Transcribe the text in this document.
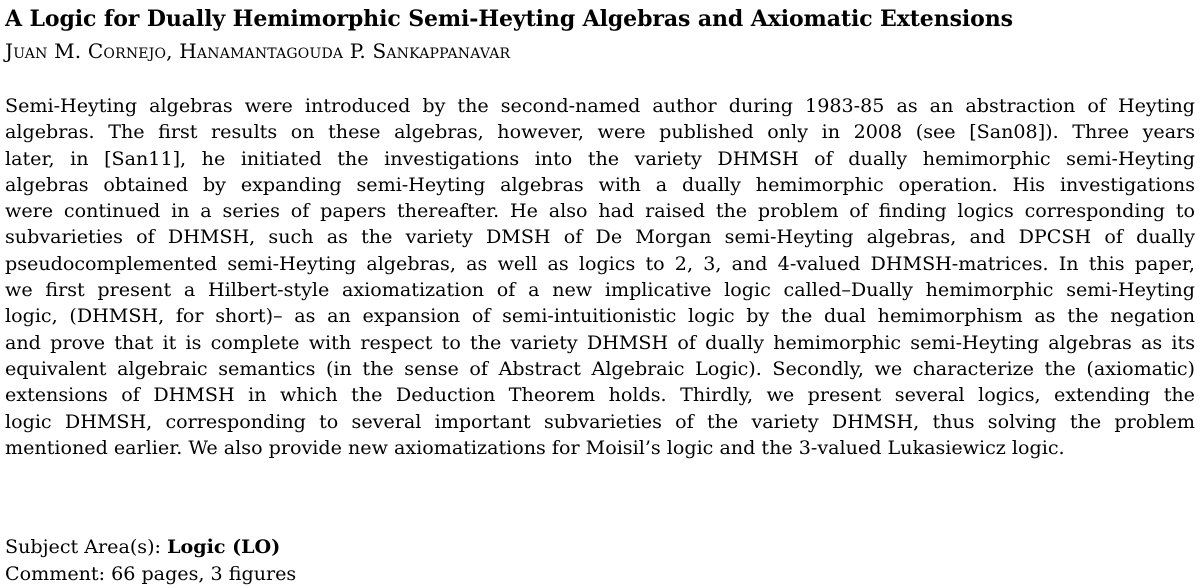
A Logic for Dually Hemimorphic Semi-Heyting Algebras and Axiomatic Extensions
Juan M. Cornejo, Hanamantagouda P. Sankappanavar
Semi-Heyting algebras were introduced by the second-named author during 1983-85 as an abstraction of Heyting
algebras. The first results on these algebras, however, were published only in 2008 (see [San08]). Three years
later, in [San11], he initiated the investigations into the variety DHMSH of dually hemimorphic semi-Heyting
algebras obtained by expanding semi-Heyting algebras with a dually hemimorphic operation. His investigations
were continued in a series of papers thereafter. He also had raised the problem of finding logics corresponding to
subvarieties of DHMSH, such as the variety DMSH of De Morgan semi-Heyting algebras, and DPCSH of dually
pseudocomplemented semi-Heyting algebras, as well as logics to 2, 3, and 4-valued DHMSH-matrices. In this paper,
we first present a Hilbert-style axiomatization of a new implicative logic called–Dually hemimorphic semi-Heyting
logic, (DHMSH, for short)– as an expansion of semi-intuitionistic logic by the dual hemimorphism as the negation
and prove that it is complete with respect to the variety DHMSH of dually hemimorphic semi-Heyting algebras as its
equivalent algebraic semantics (in the sense of Abstract Algebraic Logic). Secondly, we characterize the (axiomatic)
extensions of DHMSH in which the Deduction Theorem holds. Thirdly, we present several logics, extending the
logic DHMSH, corresponding to several important subvarieties of the variety DHMSH, thus solving the problem
mentioned earlier. We also provide new axiomatizations for Moisil’s logic and the 3-valued Lukasiewicz logic.
Subject Area(s): Logic (LO)
Comment: 66 pages, 3 figures
